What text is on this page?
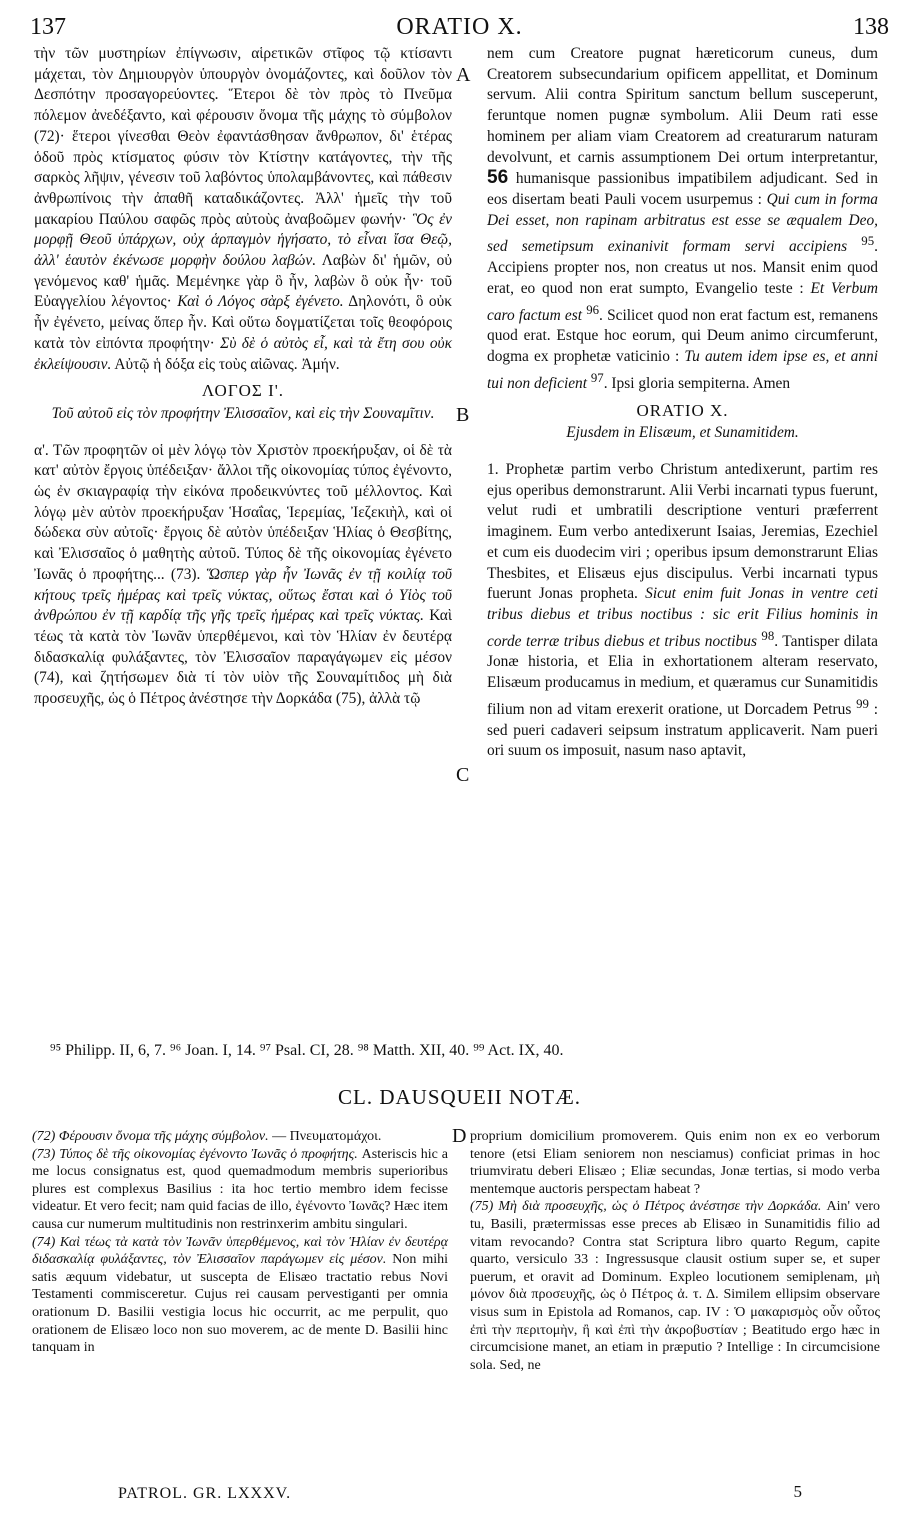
137	ORATIO X.	138
A
B
C
D

τὴν τῶν μυστηρίων ἐπίγνωσιν, αἱρετικῶν στῖφος τῷ κτίσαντι μάχεται, τὸν Δημιουργὸν ὑπουργὸν ὀνομάζοντες, καὶ δοῦλον τὸν Δεσπότην προσαγορεύοντες. Ἕτεροι δὲ τὸν πρὸς τὸ Πνεῦμα πόλεμον ἀνεδέξαντο, καὶ φέρουσιν ὄνομα τῆς μάχης τὸ σύμβολον (72)· ἕτεροι γίνεσθαι Θεὸν ἐφαντάσθησαν ἄνθρωπον, δι' ἑτέρας ὁδοῦ πρὸς κτίσματος φύσιν τὸν Κτίστην κατάγοντες, τὴν τῆς σαρκὸς λῆψιν, γένεσιν τοῦ λαβόντος ὑπολαμβάνοντες, καὶ πάθεσιν ἀνθρωπίνοις τὴν ἀπαθῆ καταδικάζοντες. Ἀλλ' ἡμεῖς τὴν τοῦ μακαρίου Παύλου σαφῶς πρὸς αὐτοὺς ἀναβοῶμεν φωνήν· Ὃς ἐν μορφῇ Θεοῦ ὑπάρχων, οὐχ ἁρπαγμὸν ἡγήσατο, τὸ εἶναι ἴσα Θεῷ, ἀλλ' ἑαυτὸν ἐκένωσε μορφὴν δούλου λαβών. Λαβὼν δι' ἡμῶν, οὐ γενόμενος καθ' ἡμᾶς. Μεμένηκε γὰρ ὃ ἦν, λαβὼν ὃ οὐκ ἦν· τοῦ Εὐαγγελίου λέγοντος· Καὶ ὁ Λόγος σὰρξ ἐγένετο. Δηλονότι, ὃ οὐκ ἦν ἐγένετο, μείνας ὅπερ ἦν. Καὶ οὕτω δογματίζεται τοῖς θεοφόροις κατὰ τὸν εἰπόντα προφήτην· Σὺ δὲ ὁ αὐτὸς εἶ, καὶ τὰ ἔτη σου οὐκ ἐκλείψουσιν. Αὐτῷ ἡ δόξα εἰς τοὺς αἰῶνας. Ἀμήν.

ΛΟΓΟΣ Ι'.
Τοῦ αὐτοῦ εἰς τὸν προφήτην Ἐλισσαῖον, καὶ εἰς τὴν Σουναμῖτιν.

α'. Τῶν προφητῶν οἱ μὲν λόγῳ τὸν Χριστὸν προεκήρυξαν, οἱ δὲ τὰ κατ' αὐτὸν ἔργοις ὑπέδειξαν· ἄλλοι τῆς οἰκονομίας τύπος ἐγένοντο, ὡς ἐν σκιαγραφίᾳ τὴν εἰκόνα προδεικνύντες τοῦ μέλλοντος. Καὶ λόγῳ μὲν αὐτὸν προεκήρυξαν Ἡσαΐας, Ἱερεμίας, Ἰεζεκιὴλ, καὶ οἱ δώδεκα σὺν αὐτοῖς· ἔργοις δὲ αὐτὸν ὑπέδειξαν Ἡλίας ὁ Θεσβίτης, καὶ Ἐλισσαῖος ὁ μαθητὴς αὐτοῦ. Τύπος δὲ τῆς οἰκονομίας ἐγένετο Ἰωνᾶς ὁ προφήτης... (73). Ὥσπερ γὰρ ἦν Ἰωνᾶς ἐν τῇ κοιλίᾳ τοῦ κήτους τρεῖς ἡμέρας καὶ τρεῖς νύκτας, οὕτως ἔσται καὶ ὁ Υἱὸς τοῦ ἀνθρώπου ἐν τῇ καρδίᾳ τῆς γῆς τρεῖς ἡμέρας καὶ τρεῖς νύκτας. Καὶ τέως τὰ κατὰ τὸν Ἰωνᾶν ὑπερθέμενοι, καὶ τὸν Ἡλίαν ἐν δευτέρᾳ διδασκαλίᾳ φυλάξαντες, τὸν Ἐλισσαῖον παραγάγωμεν εἰς μέσον (74), καὶ ζητήσωμεν διὰ τί τὸν υἱὸν τῆς Σουναμίτιδος μὴ διὰ προσευχῆς, ὡς ὁ Πέτρος ἀνέστησε τὴν Δορκάδα (75), ἀλλὰ τῷ

nem cum Creatore pugnat hæreticorum cuneus, dum Creatorem subsecundarium opificem appellitat, et Dominum servum. Alii contra Spiritum sanctum bellum susceperunt, feruntque nomen pugnæ symbolum. Alii Deum rati esse hominem per aliam viam Creatorem ad creaturarum naturam devolvunt, et carnis assumptionem Dei ortum interpretantur, 56 humanisque passionibus impatibilem adjudicant. Sed in eos disertam beati Pauli vocem usurpemus : Qui cum in forma Dei esset, non rapinam arbitratus est esse se æqualem Deo, sed semetipsum exinanivit formam servi accipiens $^{95}$. Accipiens propter nos, non creatus ut nos. Mansit enim quod erat, eo quod non erat sumpto, Evangelio teste : Et Verbum caro factum est $^{96}$. Scilicet quod non erat factum est, remanens quod erat. Estque hoc eorum, qui Deum animo circumferunt, dogma ex prophetæ vaticinio : Tu autem idem ipse es, et anni tui non deficient $^{97}$. Ipsi gloria sempiterna. Amen

ORATIO X.
Ejusdem in Elisæum, et Sunamitidem.

1. Prophetæ partim verbo Christum antedixerunt, partim res ejus operibus demonstrarunt. Alii Verbi incarnati typus fuerunt, velut rudi et umbratili descriptione venturi præferrent imaginem. Eum verbo antedixerunt Isaias, Jeremias, Ezechiel et cum eis duodecim viri ; operibus ipsum demonstrarunt Elias Thesbites, et Elisæus ejus discipulus. Verbi incarnati typus fuerunt Jonas propheta. Sicut enim fuit Jonas in ventre ceti tribus diebus et tribus noctibus : sic erit Filius hominis in corde terræ tribus diebus et tribus noctibus $^{98}$. Tantisper dilata Jonæ historia, et Elia in exhortationem alteram reservato, Elisæum producamus in medium, et quæramus cur Sunamitidis filium non ad vitam erexerit oratione, ut Dorcadem Petrus $^{99}$ : sed pueri cadaveri seipsum instratum applicaverit. Nam pueri ori suum os imposuit, nasum naso aptavit,

⁹⁵ Philipp. II, 6, 7. ⁹⁶ Joan. I, 14. ⁹⁷ Psal. CI, 28. ⁹⁸ Matth. XII, 40. ⁹⁹ Act. IX, 40.
CL. DAUSQUEII NOTÆ.

(72) Φέρουσιν ὄνομα τῆς μάχης σύμβολον. — Πνευματομάχοι.

(73) Τύπος δὲ τῆς οἰκονομίας ἐγένοντο Ἰωνᾶς ὁ προφήτης. Asteriscis hic a me locus consignatus est, quod quemadmodum membris superioribus plures est complexus Basilius : ita hoc tertio membro idem fecisse videatur. Et vero fecit; nam quid facias de illo, ἐγένοντο Ἰωνᾶς? Hæc item causa cur numerum multitudinis non restrinxerim ambitu singulari.

(74) Καὶ τέως τὰ κατὰ τὸν Ἰωνᾶν ὑπερθέμενος, καὶ τὸν Ἡλίαν ἐν δευτέρᾳ διδασκαλίᾳ φυλάξαντες, τὸν Ἐλισσαῖον παράγωμεν εἰς μέσον. Non mihi satis æquum videbatur, ut suscepta de Elisæo tractatio rebus Novi Testamenti commisceretur. Cujus rei causam pervestiganti per omnia orationum D. Basilii vestigia locus hic occurrit, ac me perpulit, quo orationem de Elisæo loco non suo moverem, ac de mente D. Basilii hinc tanquam in

proprium domicilium promoverem. Quis enim non ex eo verborum tenore (etsi Eliam seniorem non nesciamus) conficiat primas in hoc triumviratu deberi Elisæo ; Eliæ secundas, Jonæ tertias, si modo verba mentemque auctoris perspectam habeat ?

(75) Μὴ διὰ προσευχῆς, ὡς ὁ Πέτρος ἀνέστησε τὴν Δορκάδα. Ain' vero tu, Basili, prætermissas esse preces ab Elisæo in Sunamitidis filio ad vitam revocando? Contra stat Scriptura libro quarto Regum, capite quarto, versiculo 33 : Ingressusque clausit ostium super se, et super puerum, et oravit ad Dominum. Expleo locutionem semiplenam, μὴ μόνον διὰ προσευχῆς, ὡς ὁ Πέτρος ἀ. τ. Δ. Similem ellipsim observare visus sum in Epistola ad Romanos, cap. IV : Ὁ μακαρισμὸς οὖν οὗτος ἐπὶ τὴν περιτομὴν, ἢ καὶ ἐπὶ τὴν ἀκροβυστίαν ; Beatitudo ergo hæc in circumcisione manet, an etiam in præputio ? Intellige : In circumcisione sola. Sed, ne

PATROL. GR. LXXXV.	5
